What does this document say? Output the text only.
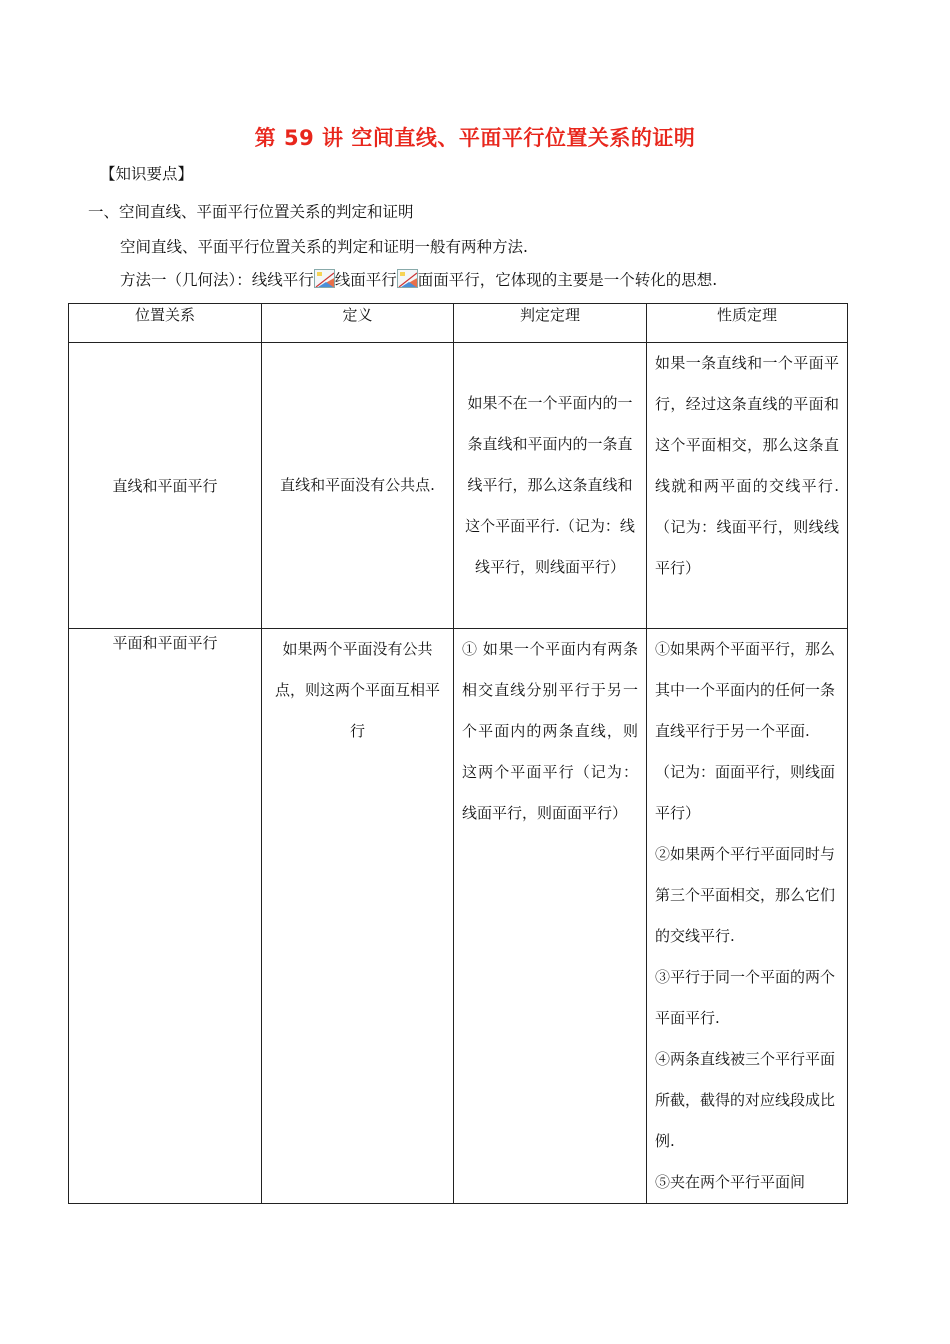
第 59 讲 空间直线、平面平行位置关系的证明
【知识要点】
一、空间直线、平面平行位置关系的判定和证明
空间直线、平面平行位置关系的判定和证明一般有两种方法.
方法一（几何法）：线线平行 线面平行 面面平行，它体现的主要是一个转化的思想.
位置关系	定义	判定定理	性质定理
直线和平面平行	直线和平面没有公共点.	如果不在一个平面内的一条直线和平面内的一条直线平行，那么这条直线和这个平面平行.（记为：线线平行，则线面平行）	如果一条直线和一个平面平行，经过这条直线的平面和这个平面相交，那么这条直线就和两平面的交线平行.（记为：线面平行，则线线平行）
平面和平面平行	如果两个平面没有公共点，则这两个平面互相平行	① 如果一个平面内有两条相交直线分别平行于另一个平面内的两条直线，则这两个平面平行（记为：线面平行，则面面平行）	①如果两个平面平行，那么其中一个平面内的任何一条直线平行于另一个平面.（记为：面面平行，则线面平行）
②如果两个平行平面同时与第三个平面相交，那么它们的交线平行.
③平行于同一个平面的两个平面平行.
④两条直线被三个平行平面所截，截得的对应线段成比例.
⑤夹在两个平行平面间
